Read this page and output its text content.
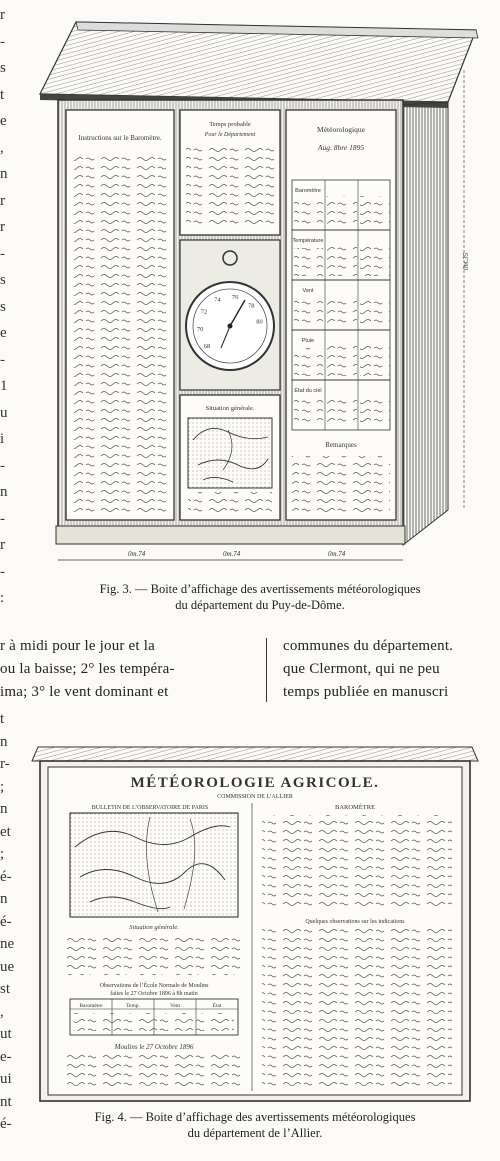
r
-
s
t
e
,
n
r
r
-
s
s
e
-
1
u
i
-
n
-
r
-
:
t
n
r-
;
n
et
;
é-
n
é-
ne
ue
st
,
ut
e-
ui
nt
é-
Instructions sur le Baromètre.
Temps probable
Pour le Département
72
74 76
78
80
70
68
Situation générale.
Météorologique
Aug. 8bre 1895
Baromètre
Température
Vent
Pluie
État du ciel
Remarques
0m.74	0m.74	0m.74
0m.35
Fig. 3. — Boite d’affichage des avertissements météorologiques
du département du Puy-de-Dôme.
r à midi pour le jour et la
ou la baisse; 2° les tempéra-
ima; 3° le vent dominant et
communes du département.
que Clermont, qui ne peu
temps publiée en manuscri
MÉTÉOROLOGIE AGRICOLE.
COMMISSION DE L’ALLIER
BULLETIN DE L’OBSERVATOIRE DE PARIS
Situation générale.
Observations de l’École Normale de Moulins
faites le 27 Octobre 1896 à 8h matin
Baromètre	Temp.	Vent	État
Moulins le 27 Octobre 1896
BAROMÈTRE
Quelques observations sur les indications
Fig. 4. — Boite d’affichage des avertissements météorologiques
du département de l’Allier.
